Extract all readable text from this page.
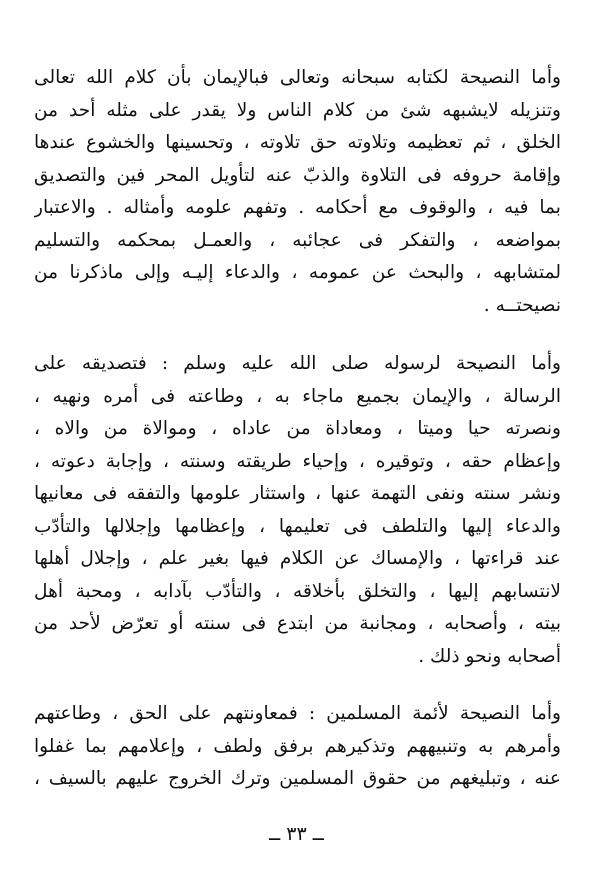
وأما النصيحة لكتابه سبحانه وتعالى فبالإيمان بأن كلام الله تعالى
وتنزيله لايشبهه شئ من كلام الناس ولا يقدر على مثله أحد من
الخلق ، ثم تعظيمه وتلاوته حق تلاوته ، وتحسينها والخشوع عندها
وإقامة حروفه فى التلاوة والذبّ عنه لتأويل المحر فين والتصديق
بما فيه ، والوقوف مع أحكامه . وتفهم علومه وأمثاله . والاعتبار
بمواضعه ، والتفكر فى عجائبه ، والعمـل بمحكمه والتسليم
لمتشابهه ، والبحث عن عمومه ، والدعاء إليـه وإلى ماذكرنا من
نصيحتــه .
وأما النصيحة لرسوله صلى الله عليه وسلم : فتصديقه على
الرسالة ، والإيمان بجميع ماجاء به ، وطاعته فى أمره ونهيه ،
ونصرته حيا وميتا ، ومعاداة من عاداه ، وموالاة من والاه ،
وإعظام حقه ، وتوقيره ، وإحياء طريقته وسنته ، وإجابة دعوته ،
ونشر سنته ونفى التهمة عنها ، واستثار علومها والتفقه فى معانيها
والدعاء إليها والتلطف فى تعليمها ، وإعظامها وإجلالها والتأدّب
عند قراءتها ، والإمساك عن الكلام فيها بغير علم ، وإجلال أهلها
لانتسابهم إليها ، والتخلق بأخلاقه ، والتأدّب بآدابه ، ومحبة أهل
بيته ، وأصحابه ، ومجانبة من ابتدع فى سنته أو تعرّض لأحد من
أصحابه ونحو ذلك .
وأما النصيحة لأئمة المسلمين : فمعاونتهم على الحق ، وطاعتهم
وأمرهم به وتنبيههم وتذكيرهم برفق ولطف ، وإعلامهم بما غفلوا
عنه ، وتبليغهم من حقوق المسلمين وترك الخروج عليهم بالسيف ،
ــ ٣٣ ــ
